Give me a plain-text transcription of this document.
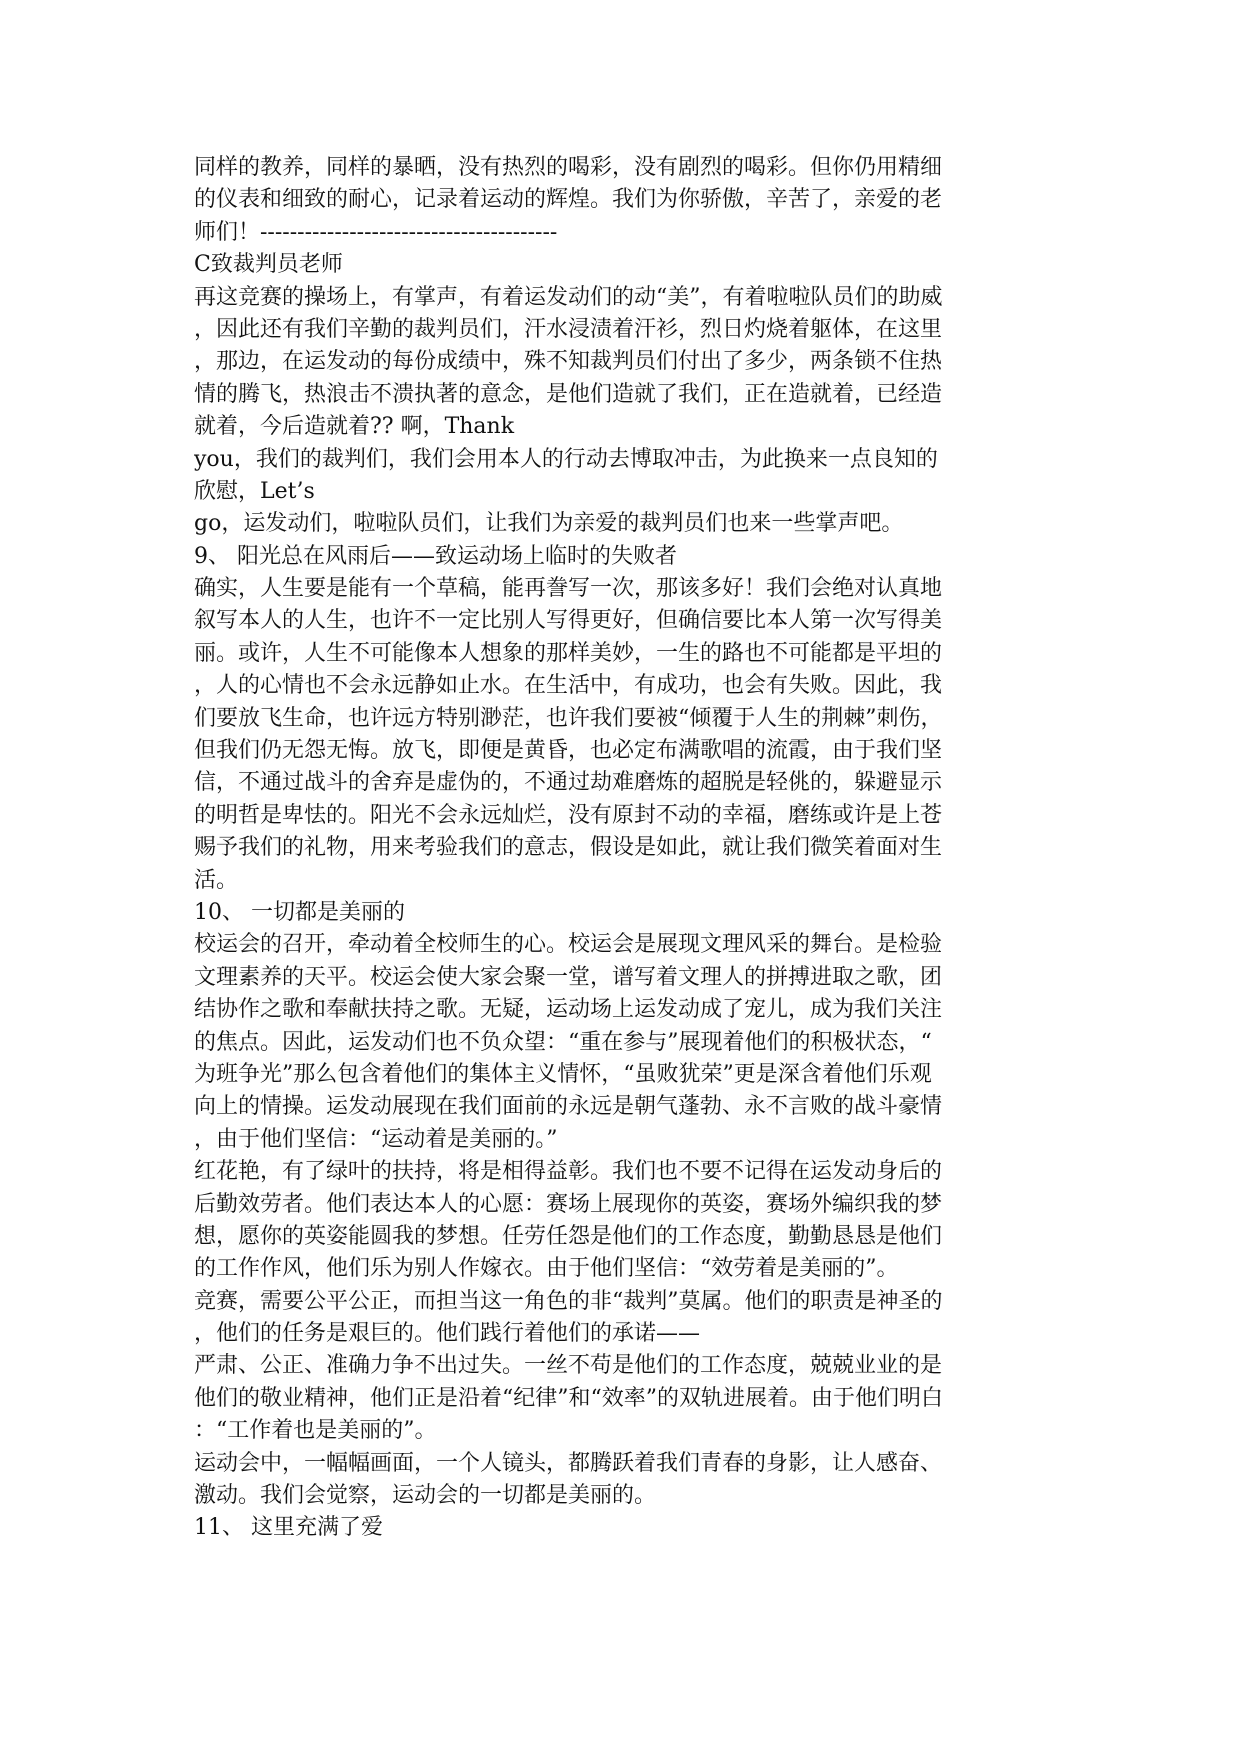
同样的教养，同样的暴晒，没有热烈的喝彩，没有剧烈的喝彩。但你仍用精细
的仪表和细致的耐心，记录着运动的辉煌。我们为你骄傲，辛苦了，亲爱的老
师们！----------------------------------------
C致裁判员老师
再这竞赛的操场上，有掌声，有着运发动们的动“美”，有着啦啦队员们的助威
，因此还有我们辛勤的裁判员们，汗水浸渍着汗衫，烈日灼烧着躯体，在这里
，那边，在运发动的每份成绩中，殊不知裁判员们付出了多少，两条锁不住热
情的腾飞，热浪击不溃执著的意念，是他们造就了我们，正在造就着，已经造
就着，今后造就着?? 啊，Thank
you，我们的裁判们，我们会用本人的行动去博取冲击，为此换来一点良知的
欣慰，Let’s
go，运发动们，啦啦队员们，让我们为亲爱的裁判员们也来一些掌声吧。
9、 阳光总在风雨后——致运动场上临时的失败者
确实，人生要是能有一个草稿，能再誊写一次，那该多好！我们会绝对认真地
叙写本人的人生，也许不一定比别人写得更好，但确信要比本人第一次写得美
丽。或许，人生不可能像本人想象的那样美妙，一生的路也不可能都是平坦的
，人的心情也不会永远静如止水。在生活中，有成功，也会有失败。因此，我
们要放飞生命，也许远方特别渺茫，也许我们要被“倾覆于人生的荆棘”刺伤，
但我们仍无怨无悔。放飞，即便是黄昏，也必定布满歌唱的流霞，由于我们坚
信，不通过战斗的舍弃是虚伪的，不通过劫难磨炼的超脱是轻佻的，躲避显示
的明哲是卑怯的。阳光不会永远灿烂，没有原封不动的幸福，磨练或许是上苍
赐予我们的礼物，用来考验我们的意志，假设是如此，就让我们微笑着面对生
活。
10、 一切都是美丽的
校运会的召开，牵动着全校师生的心。校运会是展现文理风采的舞台。是检验
文理素养的天平。校运会使大家会聚一堂，谱写着文理人的拼搏进取之歌，团
结协作之歌和奉献扶持之歌。无疑，运动场上运发动成了宠儿，成为我们关注
的焦点。因此，运发动们也不负众望：“重在参与”展现着他们的积极状态，“
为班争光”那么包含着他们的集体主义情怀，“虽败犹荣”更是深含着他们乐观
向上的情操。运发动展现在我们面前的永远是朝气蓬勃、永不言败的战斗豪情
，由于他们坚信：“运动着是美丽的。”
红花艳，有了绿叶的扶持，将是相得益彰。我们也不要不记得在运发动身后的
后勤效劳者。他们表达本人的心愿：赛场上展现你的英姿，赛场外编织我的梦
想，愿你的英姿能圆我的梦想。任劳任怨是他们的工作态度，勤勤恳恳是他们
的工作作风，他们乐为别人作嫁衣。由于他们坚信：“效劳着是美丽的”。
竞赛，需要公平公正，而担当这一角色的非“裁判”莫属。他们的职责是神圣的
，他们的任务是艰巨的。他们践行着他们的承诺——
严肃、公正、准确力争不出过失。一丝不苟是他们的工作态度，兢兢业业的是
他们的敬业精神，他们正是沿着“纪律”和“效率”的双轨进展着。由于他们明白
：“工作着也是美丽的”。
运动会中，一幅幅画面，一个人镜头，都腾跃着我们青春的身影，让人感奋、
激动。我们会觉察，运动会的一切都是美丽的。
11、 这里充满了爱
